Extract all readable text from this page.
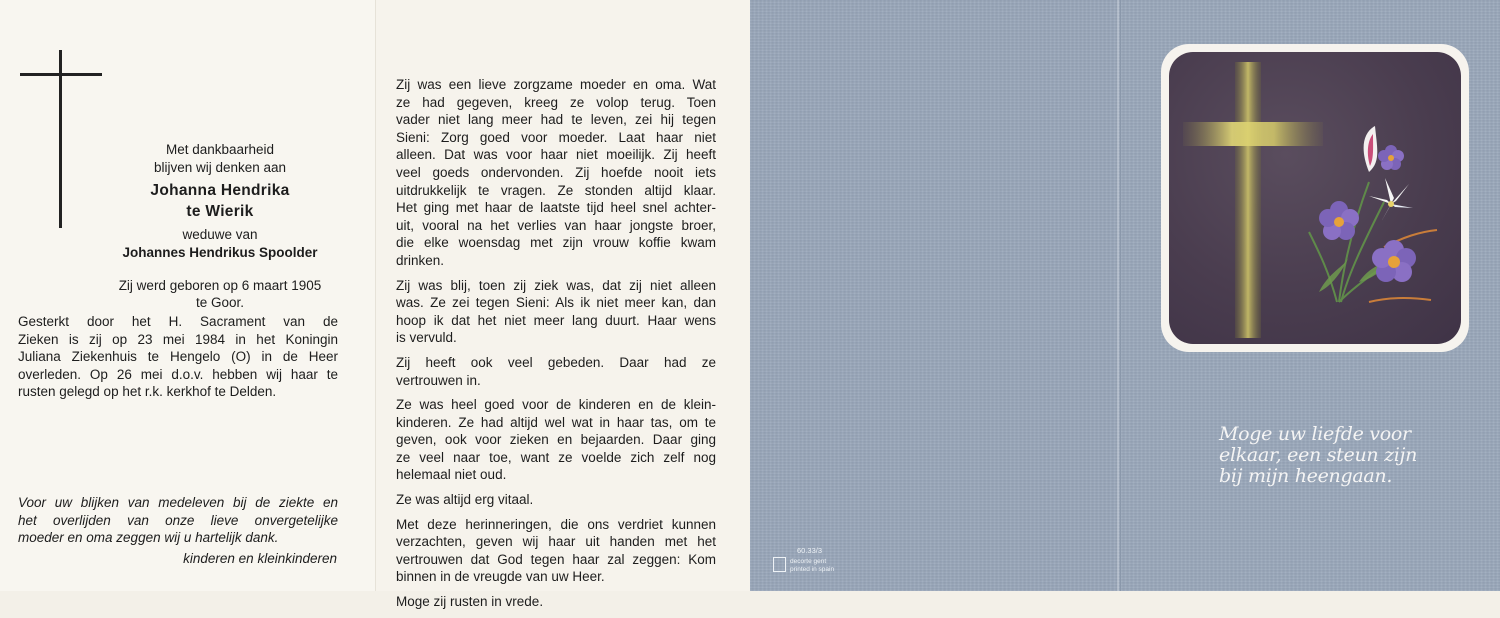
Met dankbaarheid
blijven wij denken aan
Johanna Hendrika
te Wierik
weduwe van
Johannes Hendrikus Spoolder
Zij werd geboren op 6 maart 1905
te Goor.
Gesterkt door het H. Sacrament van de
Zieken is zij op 23 mei 1984 in het Koningin
Juliana Ziekenhuis te Hengelo (O) in de Heer
overleden. Op 26 mei d.o.v. hebben wij haar te
rusten gelegd op het r.k. kerkhof te Delden.
Voor uw blijken van medeleven bij de ziekte en
het overlijden van onze lieve onvergetelijke
moeder en oma zeggen wij u hartelijk dank.
kinderen en kleinkinderen

Zij was een lieve zorgzame moeder en oma. Wat
ze had gegeven, kreeg ze volop terug. Toen
vader niet lang meer had te leven, zei hij tegen
Sieni: Zorg goed voor moeder. Laat haar niet
alleen. Dat was voor haar niet moeilijk. Zij heeft
veel goeds ondervonden. Zij hoefde nooit iets
uitdrukkelijk te vragen. Ze stonden altijd klaar.
Het ging met haar de laatste tijd heel snel achter-
uit, vooral na het verlies van haar jongste broer,
die elke woensdag met zijn vrouw koffie kwam
drinken.

Zij was blij, toen zij ziek was, dat zij niet alleen
was. Ze zei tegen Sieni: Als ik niet meer kan, dan
hoop ik dat het niet meer lang duurt. Haar wens
is vervuld.

Zij heeft ook veel gebeden. Daar had ze
vertrouwen in.

Ze was heel goed voor de kinderen en de klein-
kinderen. Ze had altijd wel wat in haar tas, om te
geven, ook voor zieken en bejaarden. Daar ging
ze veel naar toe, want ze voelde zich zelf nog
helemaal niet oud.

Ze was altijd erg vitaal.

Met deze herinneringen, die ons verdriet kunnen
verzachten, geven wij haar uit handen met het
vertrouwen dat God tegen haar zal zeggen: Kom
binnen in de vreugde van uw Heer.

Moge zij rusten in vrede.

60.33/3
decorte gent
printed in spain
Moge uw liefde voor
elkaar, een steun zijn
bij mijn heengaan.
